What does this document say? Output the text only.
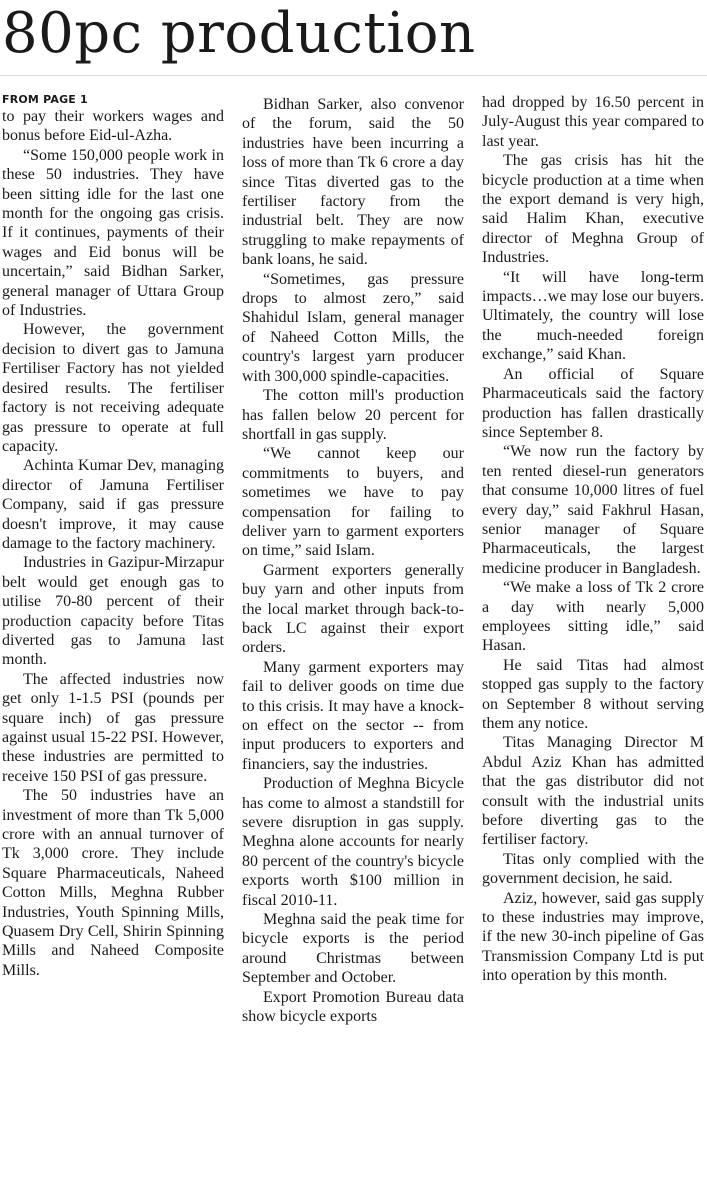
80pc production
FROM PAGE 1

to pay their workers wages and bonus before Eid-ul-Azha.

“Some 150,000 people work in these 50 industries. They have been sitting idle for the last one month for the ongoing gas crisis. If it continues, payments of their wages and Eid bonus will be uncertain,” said Bidhan Sarker, general manager of Uttara Group of Industries.

However, the government decision to divert gas to Jamuna Fertiliser Factory has not yielded desired results. The fertiliser factory is not receiving adequate gas pressure to operate at full capacity.

Achinta Kumar Dev, managing director of Jamuna Fertiliser Company, said if gas pressure doesn't improve, it may cause damage to the factory machinery.

Industries in Gazipur-Mirzapur belt would get enough gas to utilise 70-80 percent of their production capacity before Titas diverted gas to Jamuna last month.

The affected industries now get only 1-1.5 PSI (pounds per square inch) of gas pressure against usual 15-22 PSI. However, these industries are permitted to receive 150 PSI of gas pressure.

The 50 industries have an investment of more than Tk 5,000 crore with an annual turnover of Tk 3,000 crore. They include Square Pharmaceuticals, Naheed Cotton Mills, Meghna Rubber Industries, Youth Spinning Mills, Quasem Dry Cell, Shirin Spinning Mills and Naheed Composite Mills.

Bidhan Sarker, also convenor of the forum, said the 50 industries have been incurring a loss of more than Tk 6 crore a day since Titas diverted gas to the fertiliser factory from the industrial belt. They are now struggling to make repayments of bank loans, he said.

“Sometimes, gas pressure drops to almost zero,” said Shahidul Islam, general manager of Naheed Cotton Mills, the country's largest yarn producer with 300,000 spindle-capacities.

The cotton mill's production has fallen below 20 percent for shortfall in gas supply.

“We cannot keep our commitments to buyers, and sometimes we have to pay compensation for failing to deliver yarn to garment exporters on time,” said Islam.

Garment exporters generally buy yarn and other inputs from the local market through back-to-back LC against their export orders.

Many garment exporters may fail to deliver goods on time due to this crisis. It may have a knock-on effect on the sector -- from input producers to exporters and financiers, say the industries.

Production of Meghna Bicycle has come to almost a standstill for severe disruption in gas supply. Meghna alone accounts for nearly 80 percent of the country's bicycle exports worth $100 million in fiscal 2010-11.

Meghna said the peak time for bicycle exports is the period around Christmas between September and October.

Export Promotion Bureau data show bicycle exports

had dropped by 16.50 percent in July-August this year compared to last year.

The gas crisis has hit the bicycle production at a time when the export demand is very high, said Halim Khan, executive director of Meghna Group of Industries.

“It will have long-term impacts…we may lose our buyers. Ultimately, the country will lose the much-needed foreign exchange,” said Khan.

An official of Square Pharmaceuticals said the factory production has fallen drastically since September 8.

“We now run the factory by ten rented diesel-run generators that consume 10,000 litres of fuel every day,” said Fakhrul Hasan, senior manager of Square Pharmaceuticals, the largest medicine producer in Bangladesh.

“We make a loss of Tk 2 crore a day with nearly 5,000 employees sitting idle,” said Hasan.

He said Titas had almost stopped gas supply to the factory on September 8 without serving them any notice.

Titas Managing Director M Abdul Aziz Khan has admitted that the gas distributor did not consult with the industrial units before diverting gas to the fertiliser factory.

Titas only complied with the government decision, he said.

Aziz, however, said gas supply to these industries may improve, if the new 30-inch pipeline of Gas Transmission Company Ltd is put into operation by this month.
